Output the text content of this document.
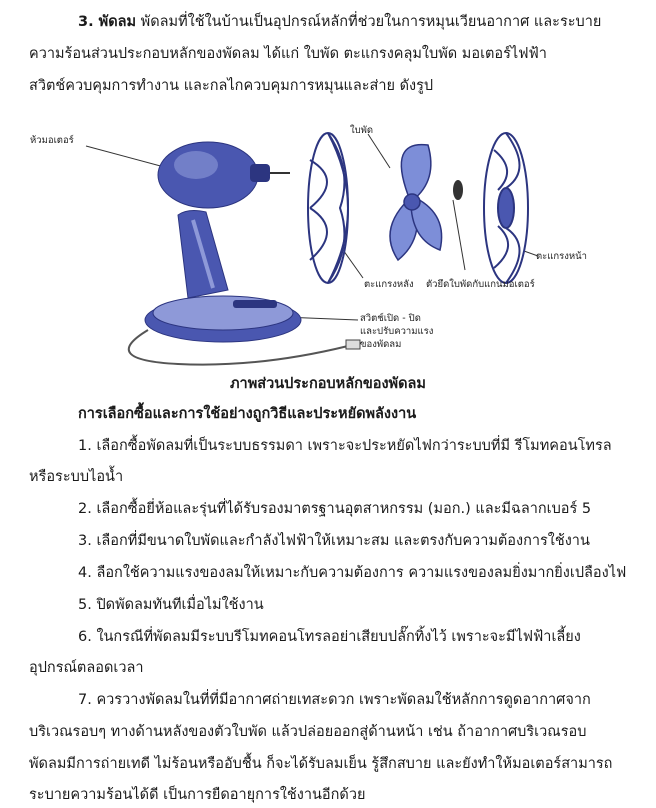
3. พัดลม พัดลมที่ใช้ในบ้านเป็นอุปกรณ์หลักที่ช่วยในการหมุนเวียนอากาศ และระบาย
ความร้อนส่วนประกอบหลักของพัดลม ได้แก่ ใบพัด ตะแกรงคลุมใบพัด มอเตอร์ไฟฟ้า
สวิตช์ควบคุมการทำงาน และกลไกควบคุมการหมุนและส่าย ดังรูป
ห้วมอเตอร์
ใบพัด
ตะแกรงหน้า
ตะแกรงหลัง ตัวยึดใบพัดกับแกนมอเตอร์
สวิตช์เปิด - ปิด
และปรับความแรง
ของพัดลม
ภาพส่วนประกอบหลักของพัดลม
การเลือกซื้อและการใช้อย่างถูกวิธีและประหยัดพลังงาน
1. เลือกซื้อพัดลมที่เป็นระบบธรรมดา เพราะจะประหยัดไฟกว่าระบบที่มี รีโมทคอนโทรล
หรือระบบไอน้ำ
2. เลือกซื้อยี่ห้อและรุ่นที่ได้รับรองมาตรฐานอุตสาหกรรม (มอก.) และมีฉลากเบอร์ 5
3. เลือกที่มีขนาดใบพัดและกำลังไฟฟ้าให้เหมาะสม และตรงกับความต้องการใช้งาน
4. ลือกใช้ความแรงของลมให้เหมาะกับความต้องการ ความแรงของลมยิ่งมากยิ่งเปลืองไฟ
5. ปิดพัดลมทันทีเมื่อไม่ใช้งาน
6. ในกรณีที่พัดลมมีระบบรีโมทคอนโทรลอย่าเสียบปลั๊กทิ้งไว้ เพราะจะมีไฟฟ้าเลี้ยง
อุปกรณ์ตลอดเวลา
7. ควรวางพัดลมในที่ที่มีอากาศถ่ายเทสะดวก เพราะพัดลมใช้หลักการดูดอากาศจาก
บริเวณรอบๆ ทางด้านหลังของตัวใบพัด แล้วปล่อยออกสู่ด้านหน้า เช่น ถ้าอากาศบริเวณรอบ
พัดลมมีการถ่ายเทดี ไม่ร้อนหรืออับชื้น ก็จะได้รับลมเย็น รู้สึกสบาย และยังทำให้มอเตอร์สามารถ
ระบายความร้อนได้ดี เป็นการยืดอายุการใช้งานอีกด้วย
